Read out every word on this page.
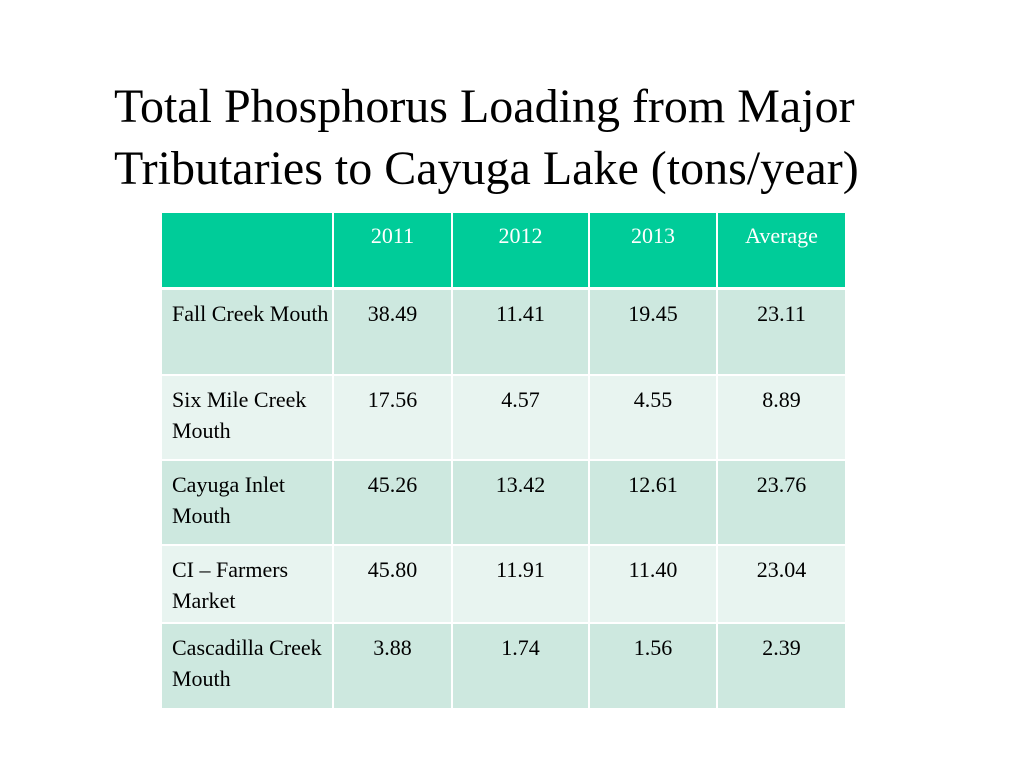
Total Phosphorus Loading from Major Tributaries to Cayuga Lake (tons/year)
	2011	2012	2013	Average
Fall Creek Mouth	38.49	11.41	19.45	23.11
Six Mile Creek Mouth	17.56	4.57	4.55	8.89
Cayuga Inlet Mouth	45.26	13.42	12.61	23.76
CI – Farmers Market	45.80	11.91	11.40	23.04
Cascadilla Creek Mouth	3.88	1.74	1.56	2.39
